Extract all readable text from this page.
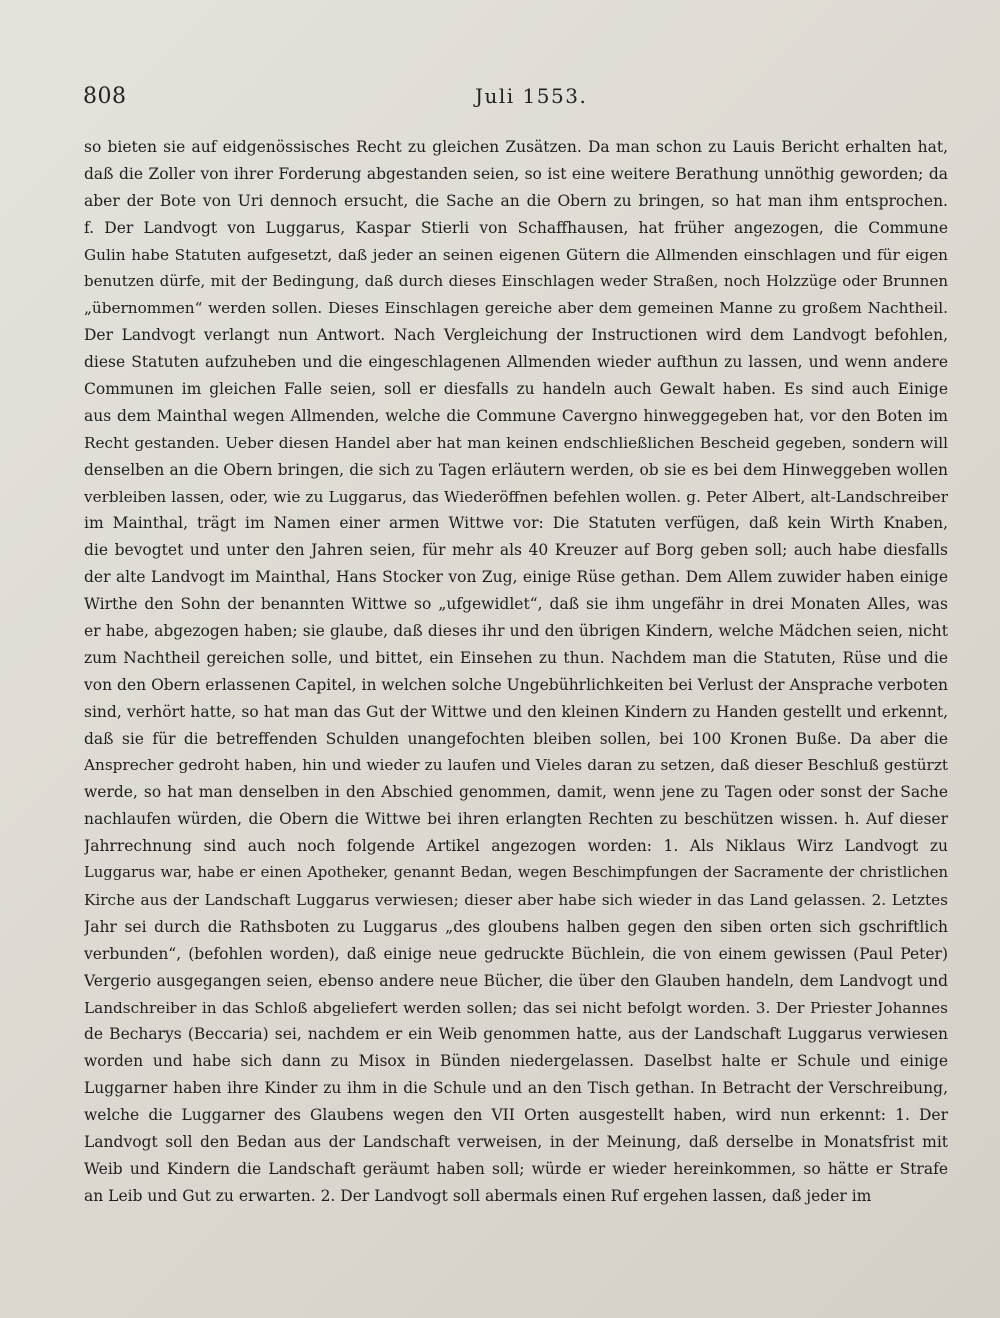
808	Juli 1553.
so bieten sie auf eidgenössisches Recht zu gleichen Zusätzen. Da man schon zu Lauis Bericht erhalten hat,
daß die Zoller von ihrer Forderung abgestanden seien, so ist eine weitere Berathung unnöthig geworden; da
aber der Bote von Uri dennoch ersucht, die Sache an die Obern zu bringen, so hat man ihm entsprochen.
f. Der Landvogt von Luggarus, Kaspar Stierli von Schaffhausen, hat früher angezogen, die Commune
Gulin habe Statuten aufgesetzt, daß jeder an seinen eigenen Gütern die Allmenden einschlagen und für eigen
benutzen dürfe, mit der Bedingung, daß durch dieses Einschlagen weder Straßen, noch Holzzüge oder Brunnen
„übernommen“ werden sollen. Dieses Einschlagen gereiche aber dem gemeinen Manne zu großem Nachtheil.
Der Landvogt verlangt nun Antwort. Nach Vergleichung der Instructionen wird dem Landvogt befohlen,
diese Statuten aufzuheben und die eingeschlagenen Allmenden wieder aufthun zu lassen, und wenn andere
Communen im gleichen Falle seien, soll er diesfalls zu handeln auch Gewalt haben. Es sind auch Einige
aus dem Mainthal wegen Allmenden, welche die Commune Cavergno hinweggegeben hat, vor den Boten im
Recht gestanden. Ueber diesen Handel aber hat man keinen endschließlichen Bescheid gegeben, sondern will
denselben an die Obern bringen, die sich zu Tagen erläutern werden, ob sie es bei dem Hinweggeben wollen
verbleiben lassen, oder, wie zu Luggarus, das Wiederöffnen befehlen wollen. g. Peter Albert, alt-Landschreiber
im Mainthal, trägt im Namen einer armen Wittwe vor: Die Statuten verfügen, daß kein Wirth Knaben,
die bevogtet und unter den Jahren seien, für mehr als 40 Kreuzer auf Borg geben soll; auch habe diesfalls
der alte Landvogt im Mainthal, Hans Stocker von Zug, einige Rüse gethan. Dem Allem zuwider haben einige
Wirthe den Sohn der benannten Wittwe so „ufgewidlet“, daß sie ihm ungefähr in drei Monaten Alles, was
er habe, abgezogen haben; sie glaube, daß dieses ihr und den übrigen Kindern, welche Mädchen seien, nicht
zum Nachtheil gereichen solle, und bittet, ein Einsehen zu thun. Nachdem man die Statuten, Rüse und die
von den Obern erlassenen Capitel, in welchen solche Ungebührlichkeiten bei Verlust der Ansprache verboten
sind, verhört hatte, so hat man das Gut der Wittwe und den kleinen Kindern zu Handen gestellt und erkennt,
daß sie für die betreffenden Schulden unangefochten bleiben sollen, bei 100 Kronen Buße. Da aber die
Ansprecher gedroht haben, hin und wieder zu laufen und Vieles daran zu setzen, daß dieser Beschluß gestürzt
werde, so hat man denselben in den Abschied genommen, damit, wenn jene zu Tagen oder sonst der Sache
nachlaufen würden, die Obern die Wittwe bei ihren erlangten Rechten zu beschützen wissen. h. Auf dieser
Jahrrechnung sind auch noch folgende Artikel angezogen worden: 1. Als Niklaus Wirz Landvogt zu
Luggarus war, habe er einen Apotheker, genannt Bedan, wegen Beschimpfungen der Sacramente der christlichen
Kirche aus der Landschaft Luggarus verwiesen; dieser aber habe sich wieder in das Land gelassen. 2. Letztes
Jahr sei durch die Rathsboten zu Luggarus „des gloubens halben gegen den siben orten sich gschriftlich
verbunden“, (befohlen worden), daß einige neue gedruckte Büchlein, die von einem gewissen (Paul Peter)
Vergerio ausgegangen seien, ebenso andere neue Bücher, die über den Glauben handeln, dem Landvogt und
Landschreiber in das Schloß abgeliefert werden sollen; das sei nicht befolgt worden. 3. Der Priester Johannes
de Becharys (Beccaria) sei, nachdem er ein Weib genommen hatte, aus der Landschaft Luggarus verwiesen
worden und habe sich dann zu Misox in Bünden niedergelassen. Daselbst halte er Schule und einige
Luggarner haben ihre Kinder zu ihm in die Schule und an den Tisch gethan. In Betracht der Verschreibung,
welche die Luggarner des Glaubens wegen den VII Orten ausgestellt haben, wird nun erkennt: 1. Der
Landvogt soll den Bedan aus der Landschaft verweisen, in der Meinung, daß derselbe in Monatsfrist mit
Weib und Kindern die Landschaft geräumt haben soll; würde er wieder hereinkommen, so hätte er Strafe
an Leib und Gut zu erwarten. 2. Der Landvogt soll abermals einen Ruf ergehen lassen, daß jeder im
